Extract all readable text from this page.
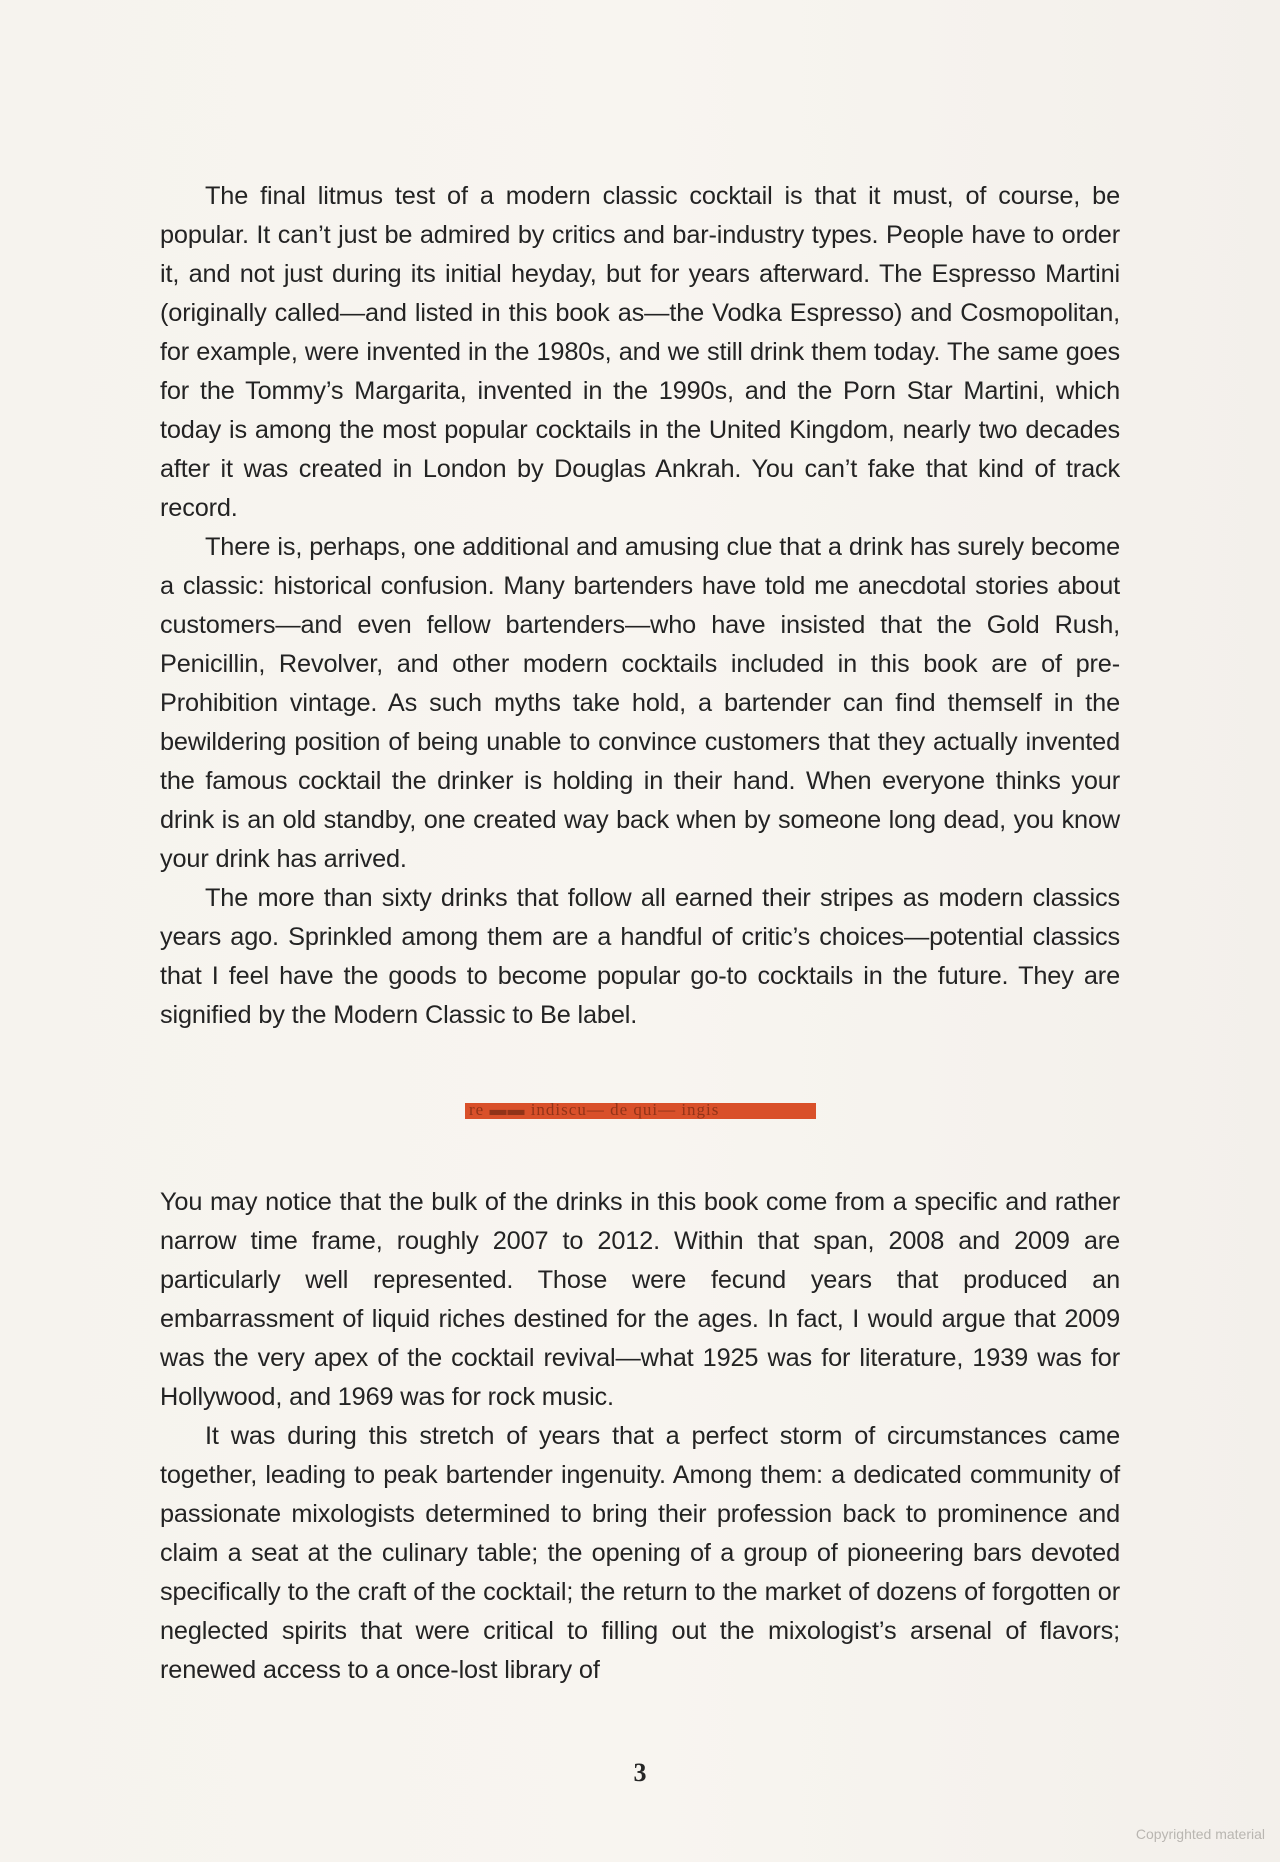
The final litmus test of a modern classic cocktail is that it must, of course, be popular. It can’t just be admired by critics and bar-industry types. People have to order it, and not just during its initial heyday, but for years afterward. The Espresso Martini (originally called—and listed in this book as—the Vodka Espresso) and Cosmopolitan, for example, were invented in the 1980s, and we still drink them today. The same goes for the Tommy’s Margarita, invented in the 1990s, and the Porn Star Martini, which today is among the most popular cocktails in the United Kingdom, nearly two decades after it was created in London by Douglas Ankrah. You can’t fake that kind of track record.

There is, perhaps, one additional and amusing clue that a drink has surely become a classic: historical confusion. Many bartenders have told me anecdotal stories about customers—and even fellow bartenders—who have insisted that the Gold Rush, Penicillin, Revolver, and other modern cocktails included in this book are of pre-Prohibition vintage. As such myths take hold, a bartender can find themself in the bewildering position of being unable to convince customers that they actually invented the famous cocktail the drinker is holding in their hand. When everyone thinks your drink is an old standby, one created way back when by someone long dead, you know your drink has arrived.

The more than sixty drinks that follow all earned their stripes as modern classics years ago. Sprinkled among them are a handful of critic’s choices—potential classics that I feel have the goods to become popular go-to cocktails in the future. They are signified by the Modern Classic to Be label.

re ▬▬ indiscu— de qui— ingis

You may notice that the bulk of the drinks in this book come from a specific and rather narrow time frame, roughly 2007 to 2012. Within that span, 2008 and 2009 are particularly well represented. Those were fecund years that produced an embarrassment of liquid riches destined for the ages. In fact, I would argue that 2009 was the very apex of the cocktail revival—what 1925 was for literature, 1939 was for Hollywood, and 1969 was for rock music.

It was during this stretch of years that a perfect storm of circumstances came together, leading to peak bartender ingenuity. Among them: a dedicated community of passionate mixologists determined to bring their profession back to prominence and claim a seat at the culinary table; the opening of a group of pioneering bars devoted specifically to the craft of the cocktail; the return to the market of dozens of forgotten or neglected spirits that were critical to filling out the mixologist’s arsenal of flavors; renewed access to a once-lost library of

3
Copyrighted material
